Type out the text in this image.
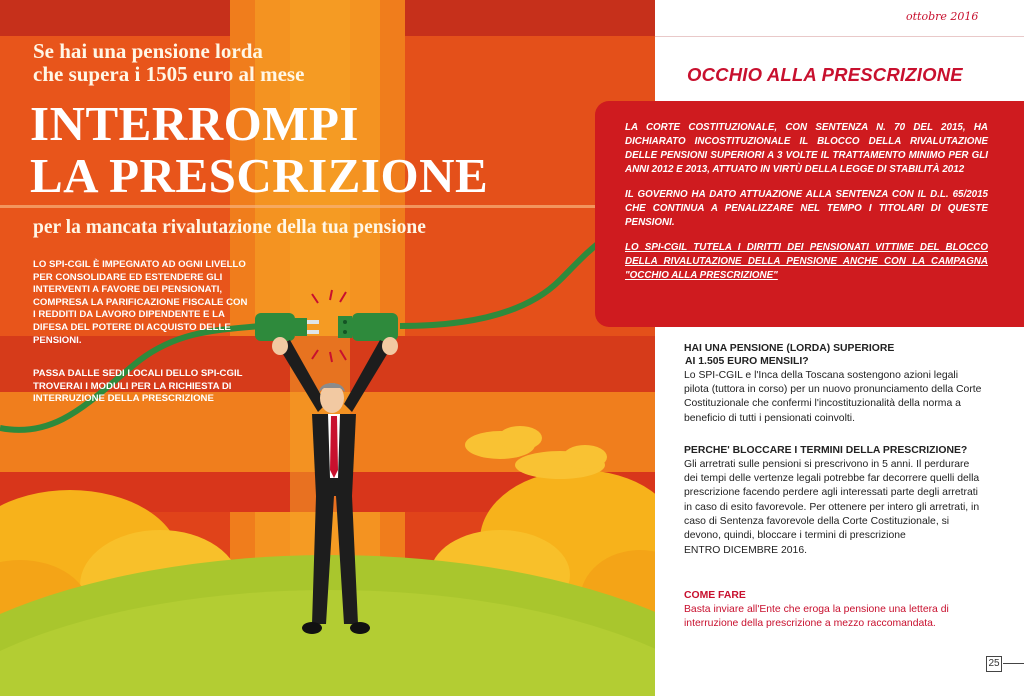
Se hai una pensione lorda
che supera i 1505 euro al mese
INTERROMPI
LA PRESCRIZIONE
per la mancata rivalutazione della tua pensione
LO SPI-CGIL È IMPEGNATO AD OGNI LIVELLO PER CONSOLIDARE ED ESTENDERE GLI INTERVENTI A FAVORE DEI PENSIONATI, COMPRESA LA PARIFICAZIONE FISCALE CON I REDDITI DA LAVORO DIPENDENTE E LA DIFESA DEL POTERE DI ACQUISTO DELLE PENSIONI.
PASSA DALLE SEDI LOCALI DELLO SPI-CGIL TROVERAI I MODULI PER LA RICHIESTA DI INTERRUZIONE DELLA PRESCRIZIONE
ottobre 2016
OCCHIO ALLA PRESCRIZIONE

LA CORTE COSTITUZIONALE, CON SENTENZA N. 70 DEL 2015, HA DICHIARATO INCOSTITUZIONALE IL BLOCCO DELLA RIVALUTAZIONE DELLE PENSIONI SUPERIORI A 3 VOLTE IL TRATTAMENTO MINIMO PER GLI ANNI 2012 E 2013, ATTUATO IN VIRTÙ DELLA LEGGE DI STABILITÀ 2012

IL GOVERNO HA DATO ATTUAZIONE ALLA SENTENZA CON IL D.L. 65/2015 CHE CONTINUA A PENALIZZARE NEL TEMPO I TITOLARI DI QUESTE PENSIONI.

LO SPI-CGIL TUTELA I DIRITTI DEI PENSIONATI VITTIME DEL BLOCCO DELLA RIVALUTAZIONE DELLA PENSIONE ANCHE CON LA CAMPAGNA "OCCHIO ALLA PRESCRIZIONE"

HAI UNA PENSIONE (LORDA) SUPERIORE
AI 1.505 EURO MENSILI?
Lo SPI-CGIL e l'Inca della Toscana sostengono azioni legali pilota (tuttora in corso) per un nuovo pronunciamento della Corte Costituzionale che confermi l'incostituzionalità della norma a beneficio di tutti i pensionati coinvolti.
PERCHE' BLOCCARE I TERMINI DELLA PRESCRIZIONE?
Gli arretrati sulle pensioni si prescrivono in 5 anni. Il perdurare dei tempi delle vertenze legali potrebbe far decorrere quelli della prescrizione facendo perdere agli interessati parte degli arretrati in caso di esito favorevole. Per ottenere per intero gli arretrati, in caso di Sentenza favorevole della Corte Costituzionale, si devono, quindi, bloccare i termini di prescrizione
ENTRO DICEMBRE 2016.
COME FARE
Basta inviare all'Ente che eroga la pensione una lettera di interruzione della prescrizione a mezzo raccomandata.
25
